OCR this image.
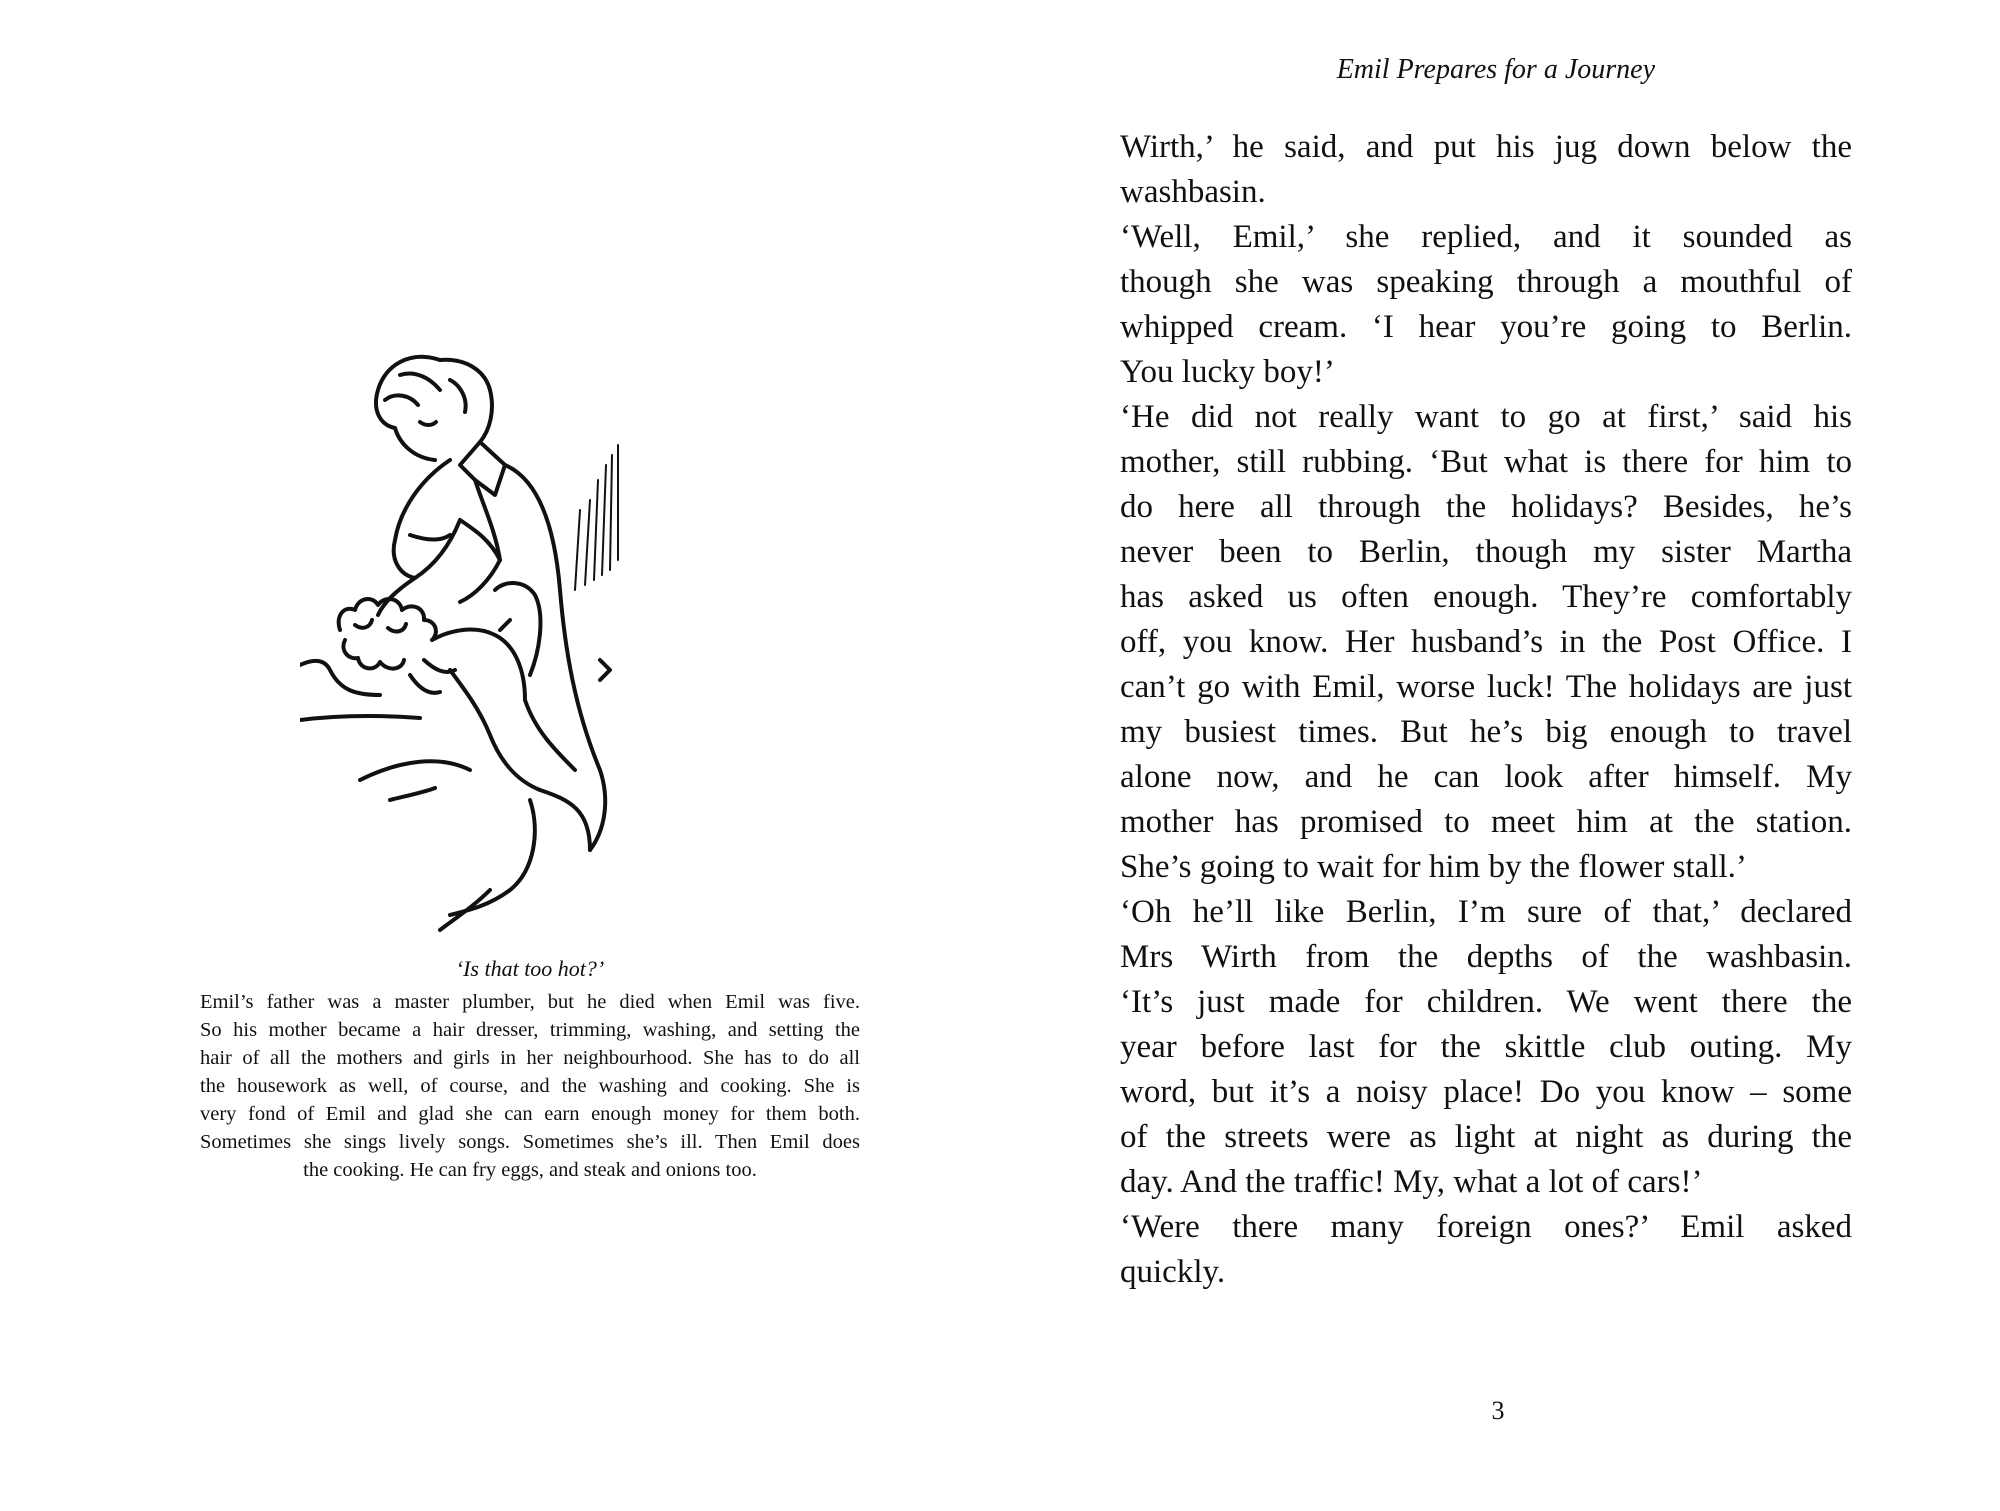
‘Is that too hot?’
Emil’s father was a master plumber, but he died when Emil was five.
So his mother became a hair dresser, trimming, washing, and setting the
hair of all the mothers and girls in her neighbourhood. She has to do all
the housework as well, of course, and the washing and cooking. She is
very fond of Emil and glad she can earn enough money for them both.
Sometimes she sings lively songs. Sometimes she’s ill. Then Emil does
the cooking. He can fry eggs, and steak and onions too.
Emil Prepares for a Journey
Wirth,’ he said, and put his jug down below the
washbasin.
‘Well, Emil,’ she replied, and it sounded as
though she was speaking through a mouthful of
whipped cream. ‘I hear you’re going to Berlin.
You lucky boy!’
‘He did not really want to go at first,’ said his
mother, still rubbing. ‘But what is there for him to
do here all through the holidays? Besides, he’s
never been to Berlin, though my sister Martha
has asked us often enough. They’re comfortably
off, you know. Her husband’s in the Post Office. I
can’t go with Emil, worse luck! The holidays are just
my busiest times. But he’s big enough to travel
alone now, and he can look after himself. My
mother has promised to meet him at the station.
She’s going to wait for him by the flower stall.’
‘Oh he’ll like Berlin, I’m sure of that,’ declared
Mrs Wirth from the depths of the washbasin.
‘It’s just made for children. We went there the
year before last for the skittle club outing. My
word, but it’s a noisy place! Do you know – some
of the streets were as light at night as during the
day. And the traffic! My, what a lot of cars!’
‘Were there many foreign ones?’ Emil asked
quickly.
3
